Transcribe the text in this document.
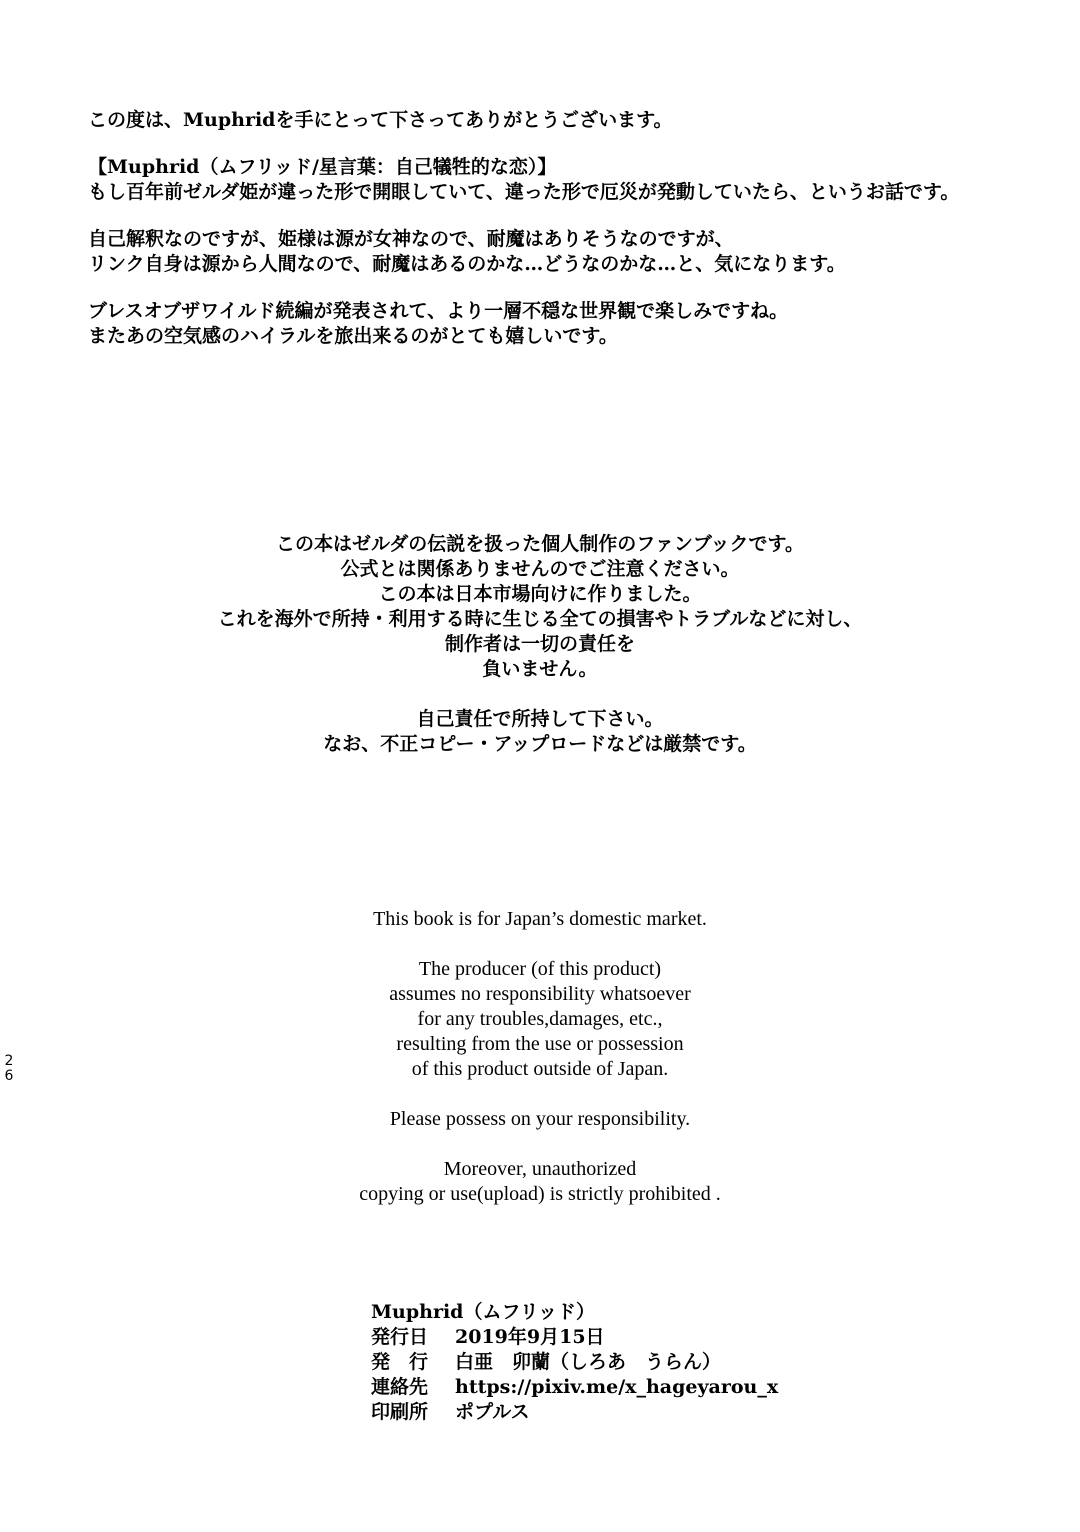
この度は、Muphridを手にとって下さってありがとうございます。

【Muphrid（ムフリッド/星言葉：自己犠牲的な恋）】
もし百年前ゼルダ姫が違った形で開眼していて、違った形で厄災が発動していたら、というお話です。

自己解釈なのですが、姫様は源が女神なので、耐魔はありそうなのですが、
リンク自身は源から人間なので、耐魔はあるのかな…どうなのかな…と、気になります。

ブレスオブザワイルド続編が発表されて、より一層不穏な世界観で楽しみですね。
またあの空気感のハイラルを旅出来るのがとても嬉しいです。

この本はゼルダの伝説を扱った個人制作のファンブックです。
公式とは関係ありませんのでご注意ください。
この本は日本市場向けに作りました。
これを海外で所持・利用する時に生じる全ての損害やトラブルなどに対し、
制作者は一切の責任を
負いません。
自己責任で所持して下さい。
なお、不正コピー・アップロードなどは厳禁です。
This book is for Japan’s domestic market.
The producer (of this product)
assumes no responsibility whatsoever
for any troubles,damages, etc.,
resulting from the use or possession
of this product outside of Japan.
Please possess on your responsibility.
Moreover, unauthorized
copying or use(upload) is strictly prohibited .
Muphrid（ムフリッド）
発行日	2019年9月15日
発　行	白亜　卯蘭（しろあ　うらん）
連絡先	https://pixiv.me/x_hageyarou_x
印刷所	ポプルス
2
6
